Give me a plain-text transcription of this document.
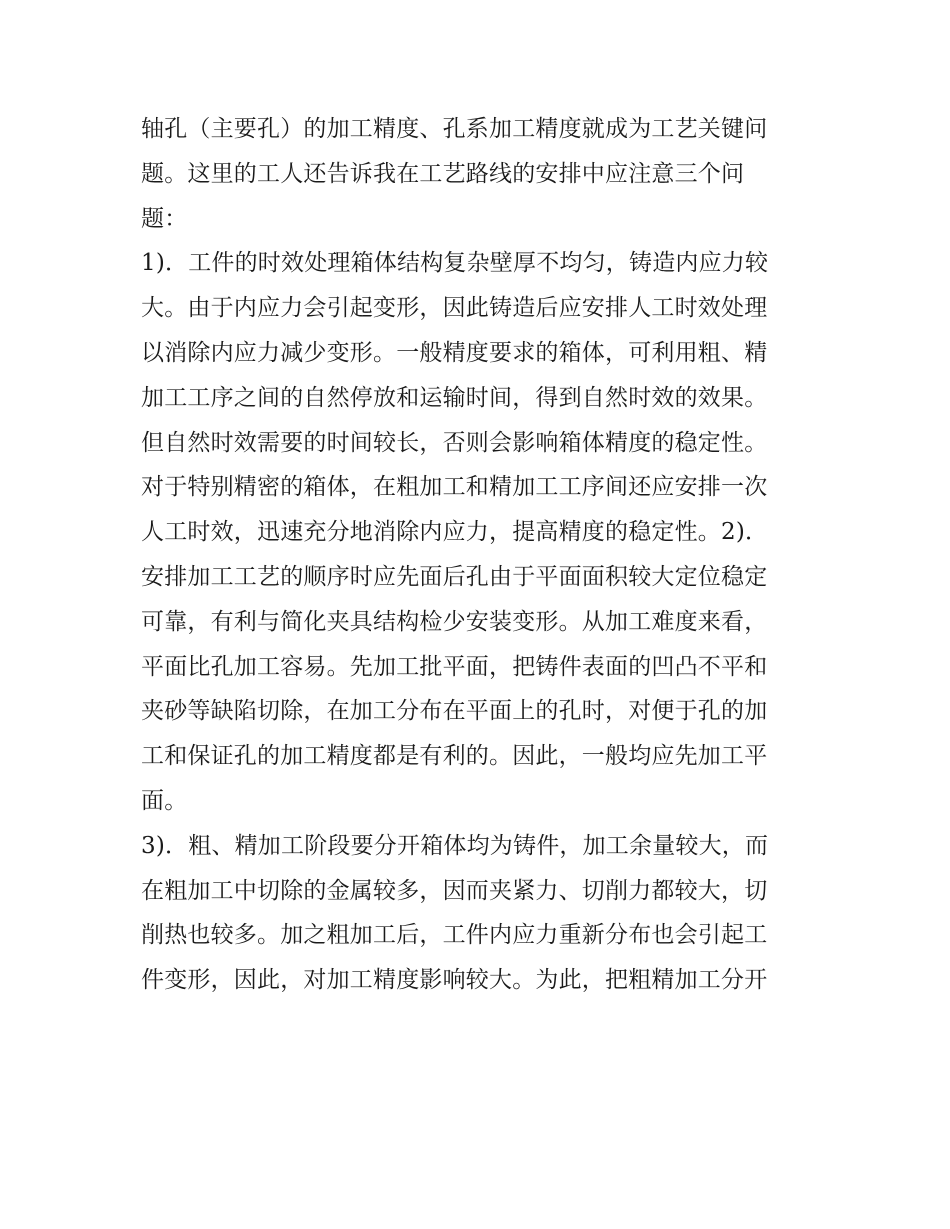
轴孔（主要孔）的加工精度、孔系加工精度就成为工艺关键问
题。这里的工人还告诉我在工艺路线的安排中应注意三个问
题：
1)．工件的时效处理箱体结构复杂壁厚不均匀，铸造内应力较
大。由于内应力会引起变形，因此铸造后应安排人工时效处理
以消除内应力减少变形。一般精度要求的箱体，可利用粗、精
加工工序之间的自然停放和运输时间，得到自然时效的效果。
但自然时效需要的时间较长，否则会影响箱体精度的稳定性。
对于特别精密的箱体，在粗加工和精加工工序间还应安排一次
人工时效，迅速充分地消除内应力，提高精度的稳定性。2)．
安排加工工艺的顺序时应先面后孔由于平面面积较大定位稳定
可靠，有利与简化夹具结构检少安装变形。从加工难度来看，
平面比孔加工容易。先加工批平面，把铸件表面的凹凸不平和
夹砂等缺陷切除，在加工分布在平面上的孔时，对便于孔的加
工和保证孔的加工精度都是有利的。因此，一般均应先加工平
面。
3)．粗、精加工阶段要分开箱体均为铸件，加工余量较大，而
在粗加工中切除的金属较多，因而夹紧力、切削力都较大，切
削热也较多。加之粗加工后，工件内应力重新分布也会引起工
件变形，因此，对加工精度影响较大。为此，把粗精加工分开
